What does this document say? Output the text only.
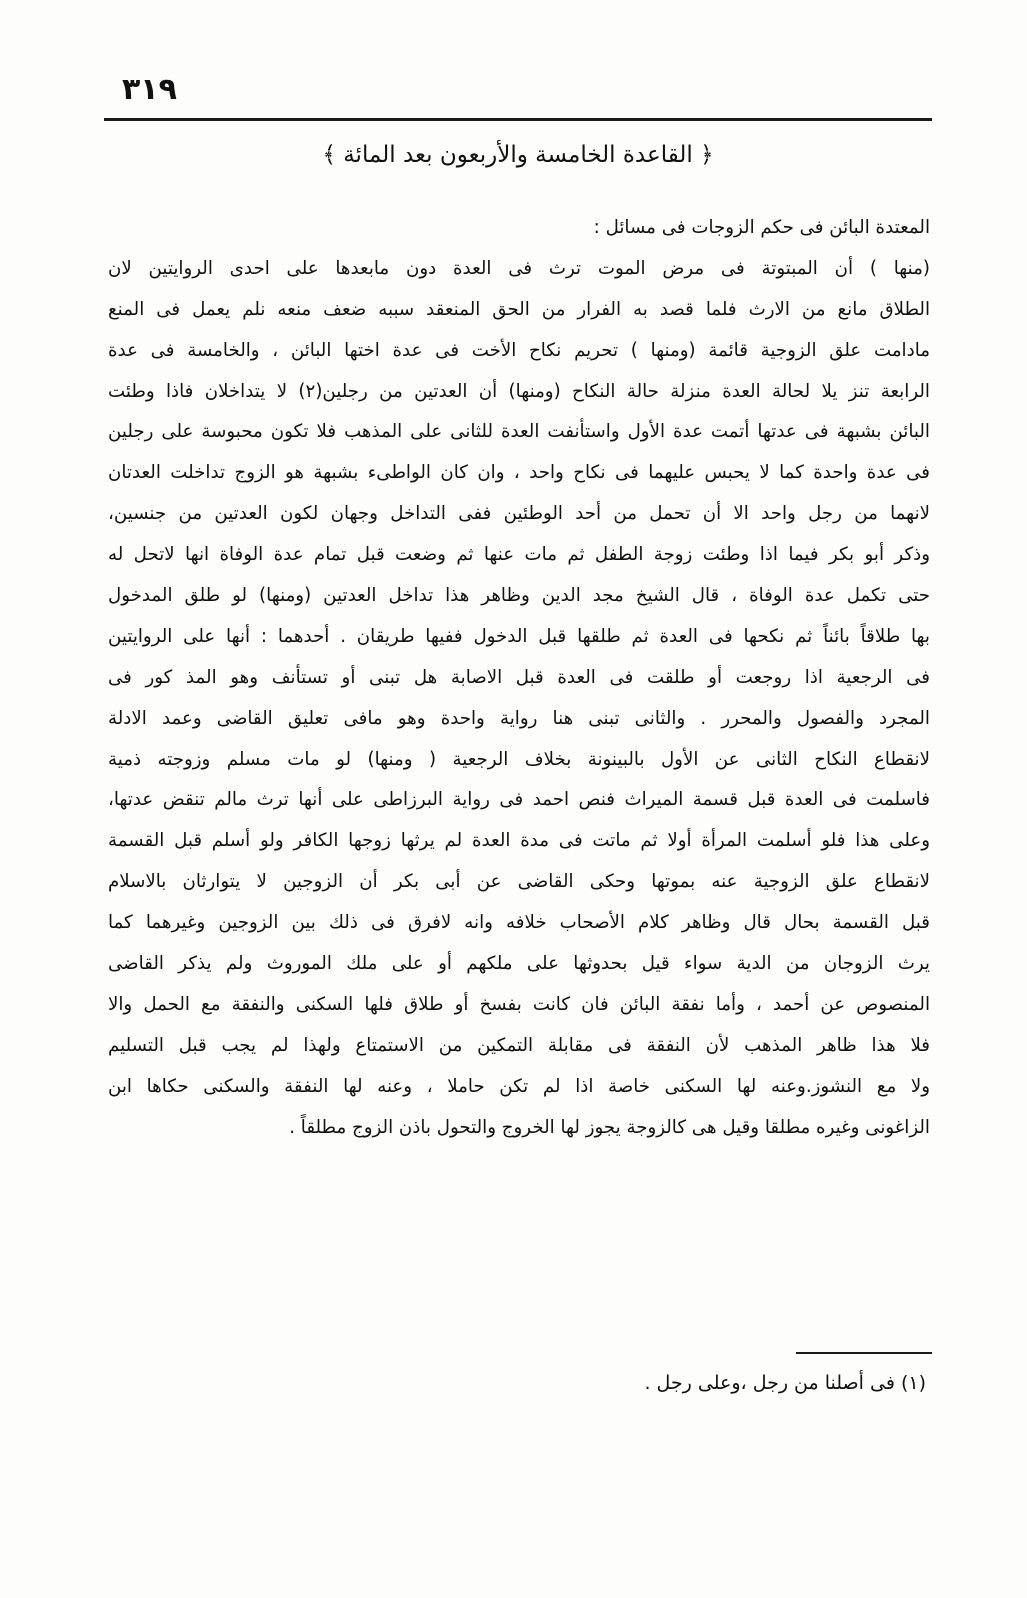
٣١٩
﴿ القاعدة الخامسة والأربعون بعد المائة ﴾
المعتدة البائن فى حكم الزوجات فى مسائل :
(منها ) أن المبتوتة فى مرض الموت ترث فى العدة دون مابعدها على احدى الروايتين لان
الطلاق مانع من الارث فلما قصد به الفرار من الحق المنعقد سببه ضعف منعه نلم يعمل فى المنع
مادامت علق الزوجية قائمة (ومنها ) تحريم نكاح الأخت فى عدة اختها البائن ، والخامسة فى عدة
الرابعة تنز يلا لحالة العدة منزلة حالة النكاح (ومنها) أن العدتين من رجلين(٢) لا يتداخلان فاذا وطئت
البائن بشبهة فى عدتها أتمت عدة الأول واستأنفت العدة للثانى على المذهب فلا تكون محبوسة على رجلين
فى عدة واحدة كما لا يحبس عليهما فى نكاح واحد ، وان كان الواطىء بشبهة هو الزوج تداخلت العدتان
لانهما من رجل واحد الا أن تحمل من أحد الوطئين ففى التداخل وجهان لكون العدتين من جنسين،
وذكر أبو بكر فيما اذا وطئت زوجة الطفل ثم مات عنها ثم وضعت قبل تمام عدة الوفاة انها لاتحل له
حتى تكمل عدة الوفاة ، قال الشيخ مجد الدين وظاهر هذا تداخل العدتين (ومنها) لو طلق المدخول
بها طلاقاً بائناً ثم نكحها فى العدة ثم طلقها قبل الدخول ففيها طريقان . أحدهما : أنها على الروايتين
فى الرجعية اذا روجعت أو طلقت فى العدة قبل الاصابة هل تبنى أو تستأنف وهو المذ كور فى
المجرد والفصول والمحرر . والثانى تبنى هنا رواية واحدة وهو مافى تعليق القاضى وعمد الادلة
لانقطاع النكاح الثانى عن الأول بالبينونة بخلاف الرجعية ( ومنها) لو مات مسلم وزوجته ذمية
فاسلمت فى العدة قبل قسمة الميراث فنص احمد فى رواية البرزاطى على أنها ترث مالم تنقض عدتها،
وعلى هذا فلو أسلمت المرأة أولا ثم ماتت فى مدة العدة لم يرثها زوجها الكافر ولو أسلم قبل القسمة
لانقطاع علق الزوجية عنه بموتها وحكى القاضى عن أبى بكر أن الزوجين لا يتوارثان بالاسلام
قبل القسمة بحال قال وظاهر كلام الأصحاب خلافه وانه لافرق فى ذلك بين الزوجين وغيرهما كما
يرث الزوجان من الدية سواء قيل بحدوثها على ملكهم أو على ملك الموروث ولم يذكر القاضى
المنصوص عن أحمد ، وأما نفقة البائن فان كانت بفسخ أو طلاق فلها السكنى والنفقة مع الحمل والا
فلا هذا ظاهر المذهب لأن النفقة فى مقابلة التمكين من الاستمتاع ولهذا لم يجب قبل التسليم
ولا مع النشوز.وعنه لها السكنى خاصة اذا لم تكن حاملا ، وعنه لها النفقة والسكنى حكاها ابن
الزاغونى وغيره مطلقا وقيل هى كالزوجة يجوز لها الخروج والتحول باذن الزوج مطلقاً .
(١) فى أصلنا من رجل ،وعلى رجل .
